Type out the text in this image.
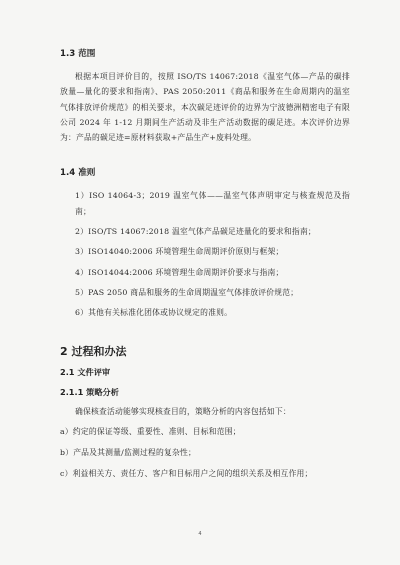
1.3 范围

根据本项目评价目的，按照 ISO/TS 14067:2018《温室气体—产品的碳排放量—量化的要求和指南》、PAS 2050:2011《商品和服务在生命周期内的温室气体排放评价规范》的相关要求，本次碳足迹评价的边界为宁波德洲精密电子有限公司 2024 年 1-12 月期间生产活动及非生产活动数据的碳足迹。本次评价边界为：产品的碳足迹=原材料获取+产品生产+废料处理。

1.4 准则

1）ISO 14064-3；2019 温室气体——温室气体声明审定与核查规范及指南；

2）ISO/TS 14067:2018 温室气体产品碳足迹量化的要求和指南；

3）ISO14040:2006 环境管理生命周期评价原则与框架；

4）ISO14044:2006 环境管理生命周期评价要求与指南；

5）PAS 2050 商品和服务的生命周期温室气体排放评价规范；

6）其他有关标准化团体或协议规定的准则。

2 过程和办法
2.1 文件评审
2.1.1 策略分析

确保核查活动能够实现核查目的，策略分析的内容包括如下：

a）约定的保证等级、重要性、准则、目标和范围；

b）产品及其测量/监测过程的复杂性；

c）利益相关方、责任方、客户和目标用户之间的组织关系及相互作用；

4
